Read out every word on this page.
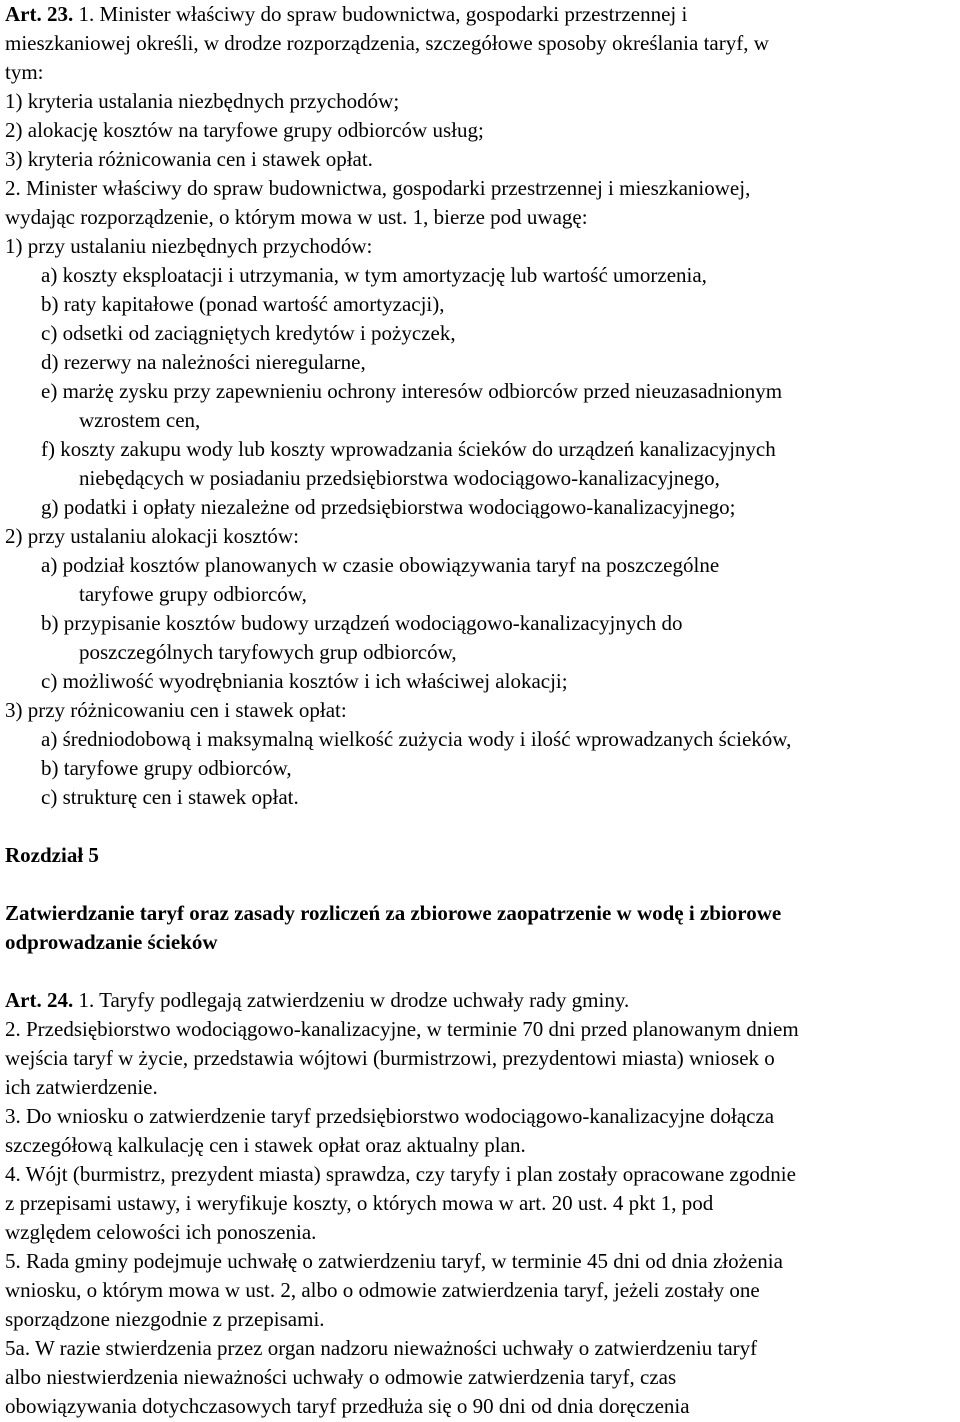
Art. 23. 1. Minister właściwy do spraw budownictwa, gospodarki przestrzennej i
mieszkaniowej określi, w drodze rozporządzenia, szczegółowe sposoby określania taryf, w
tym:
1) kryteria ustalania niezbędnych przychodów;
2) alokację kosztów na taryfowe grupy odbiorców usług;
3) kryteria różnicowania cen i stawek opłat.
2. Minister właściwy do spraw budownictwa, gospodarki przestrzennej i mieszkaniowej,
wydając rozporządzenie, o którym mowa w ust. 1, bierze pod uwagę:
1) przy ustalaniu niezbędnych przychodów:
a) koszty eksploatacji i utrzymania, w tym amortyzację lub wartość umorzenia,
b) raty kapitałowe (ponad wartość amortyzacji),
c) odsetki od zaciągniętych kredytów i pożyczek,
d) rezerwy na należności nieregularne,
e) marżę zysku przy zapewnieniu ochrony interesów odbiorców przed nieuzasadnionym
wzrostem cen,
f) koszty zakupu wody lub koszty wprowadzania ścieków do urządzeń kanalizacyjnych
niebędących w posiadaniu przedsiębiorstwa wodociągowo-kanalizacyjnego,
g) podatki i opłaty niezależne od przedsiębiorstwa wodociągowo-kanalizacyjnego;
2) przy ustalaniu alokacji kosztów:
a) podział kosztów planowanych w czasie obowiązywania taryf na poszczególne
taryfowe grupy odbiorców,
b) przypisanie kosztów budowy urządzeń wodociągowo-kanalizacyjnych do
poszczególnych taryfowych grup odbiorców,
c) możliwość wyodrębniania kosztów i ich właściwej alokacji;
3) przy różnicowaniu cen i stawek opłat:
a) średniodobową i maksymalną wielkość zużycia wody i ilość wprowadzanych ścieków,
b) taryfowe grupy odbiorców,
c) strukturę cen i stawek opłat.
Rozdział 5
Zatwierdzanie taryf oraz zasady rozliczeń za zbiorowe zaopatrzenie w wodę i zbiorowe
odprowadzanie ścieków
Art. 24. 1. Taryfy podlegają zatwierdzeniu w drodze uchwały rady gminy.
2. Przedsiębiorstwo wodociągowo-kanalizacyjne, w terminie 70 dni przed planowanym dniem
wejścia taryf w życie, przedstawia wójtowi (burmistrzowi, prezydentowi miasta) wniosek o
ich zatwierdzenie.
3. Do wniosku o zatwierdzenie taryf przedsiębiorstwo wodociągowo-kanalizacyjne dołącza
szczegółową kalkulację cen i stawek opłat oraz aktualny plan.
4. Wójt (burmistrz, prezydent miasta) sprawdza, czy taryfy i plan zostały opracowane zgodnie
z przepisami ustawy, i weryfikuje koszty, o których mowa w art. 20 ust. 4 pkt 1, pod
względem celowości ich ponoszenia.
5. Rada gminy podejmuje uchwałę o zatwierdzeniu taryf, w terminie 45 dni od dnia złożenia
wniosku, o którym mowa w ust. 2, albo o odmowie zatwierdzenia taryf, jeżeli zostały one
sporządzone niezgodnie z przepisami.
5a. W razie stwierdzenia przez organ nadzoru nieważności uchwały o zatwierdzeniu taryf
albo niestwierdzenia nieważności uchwały o odmowie zatwierdzenia taryf, czas
obowiązywania dotychczasowych taryf przedłuża się o 90 dni od dnia doręczenia
